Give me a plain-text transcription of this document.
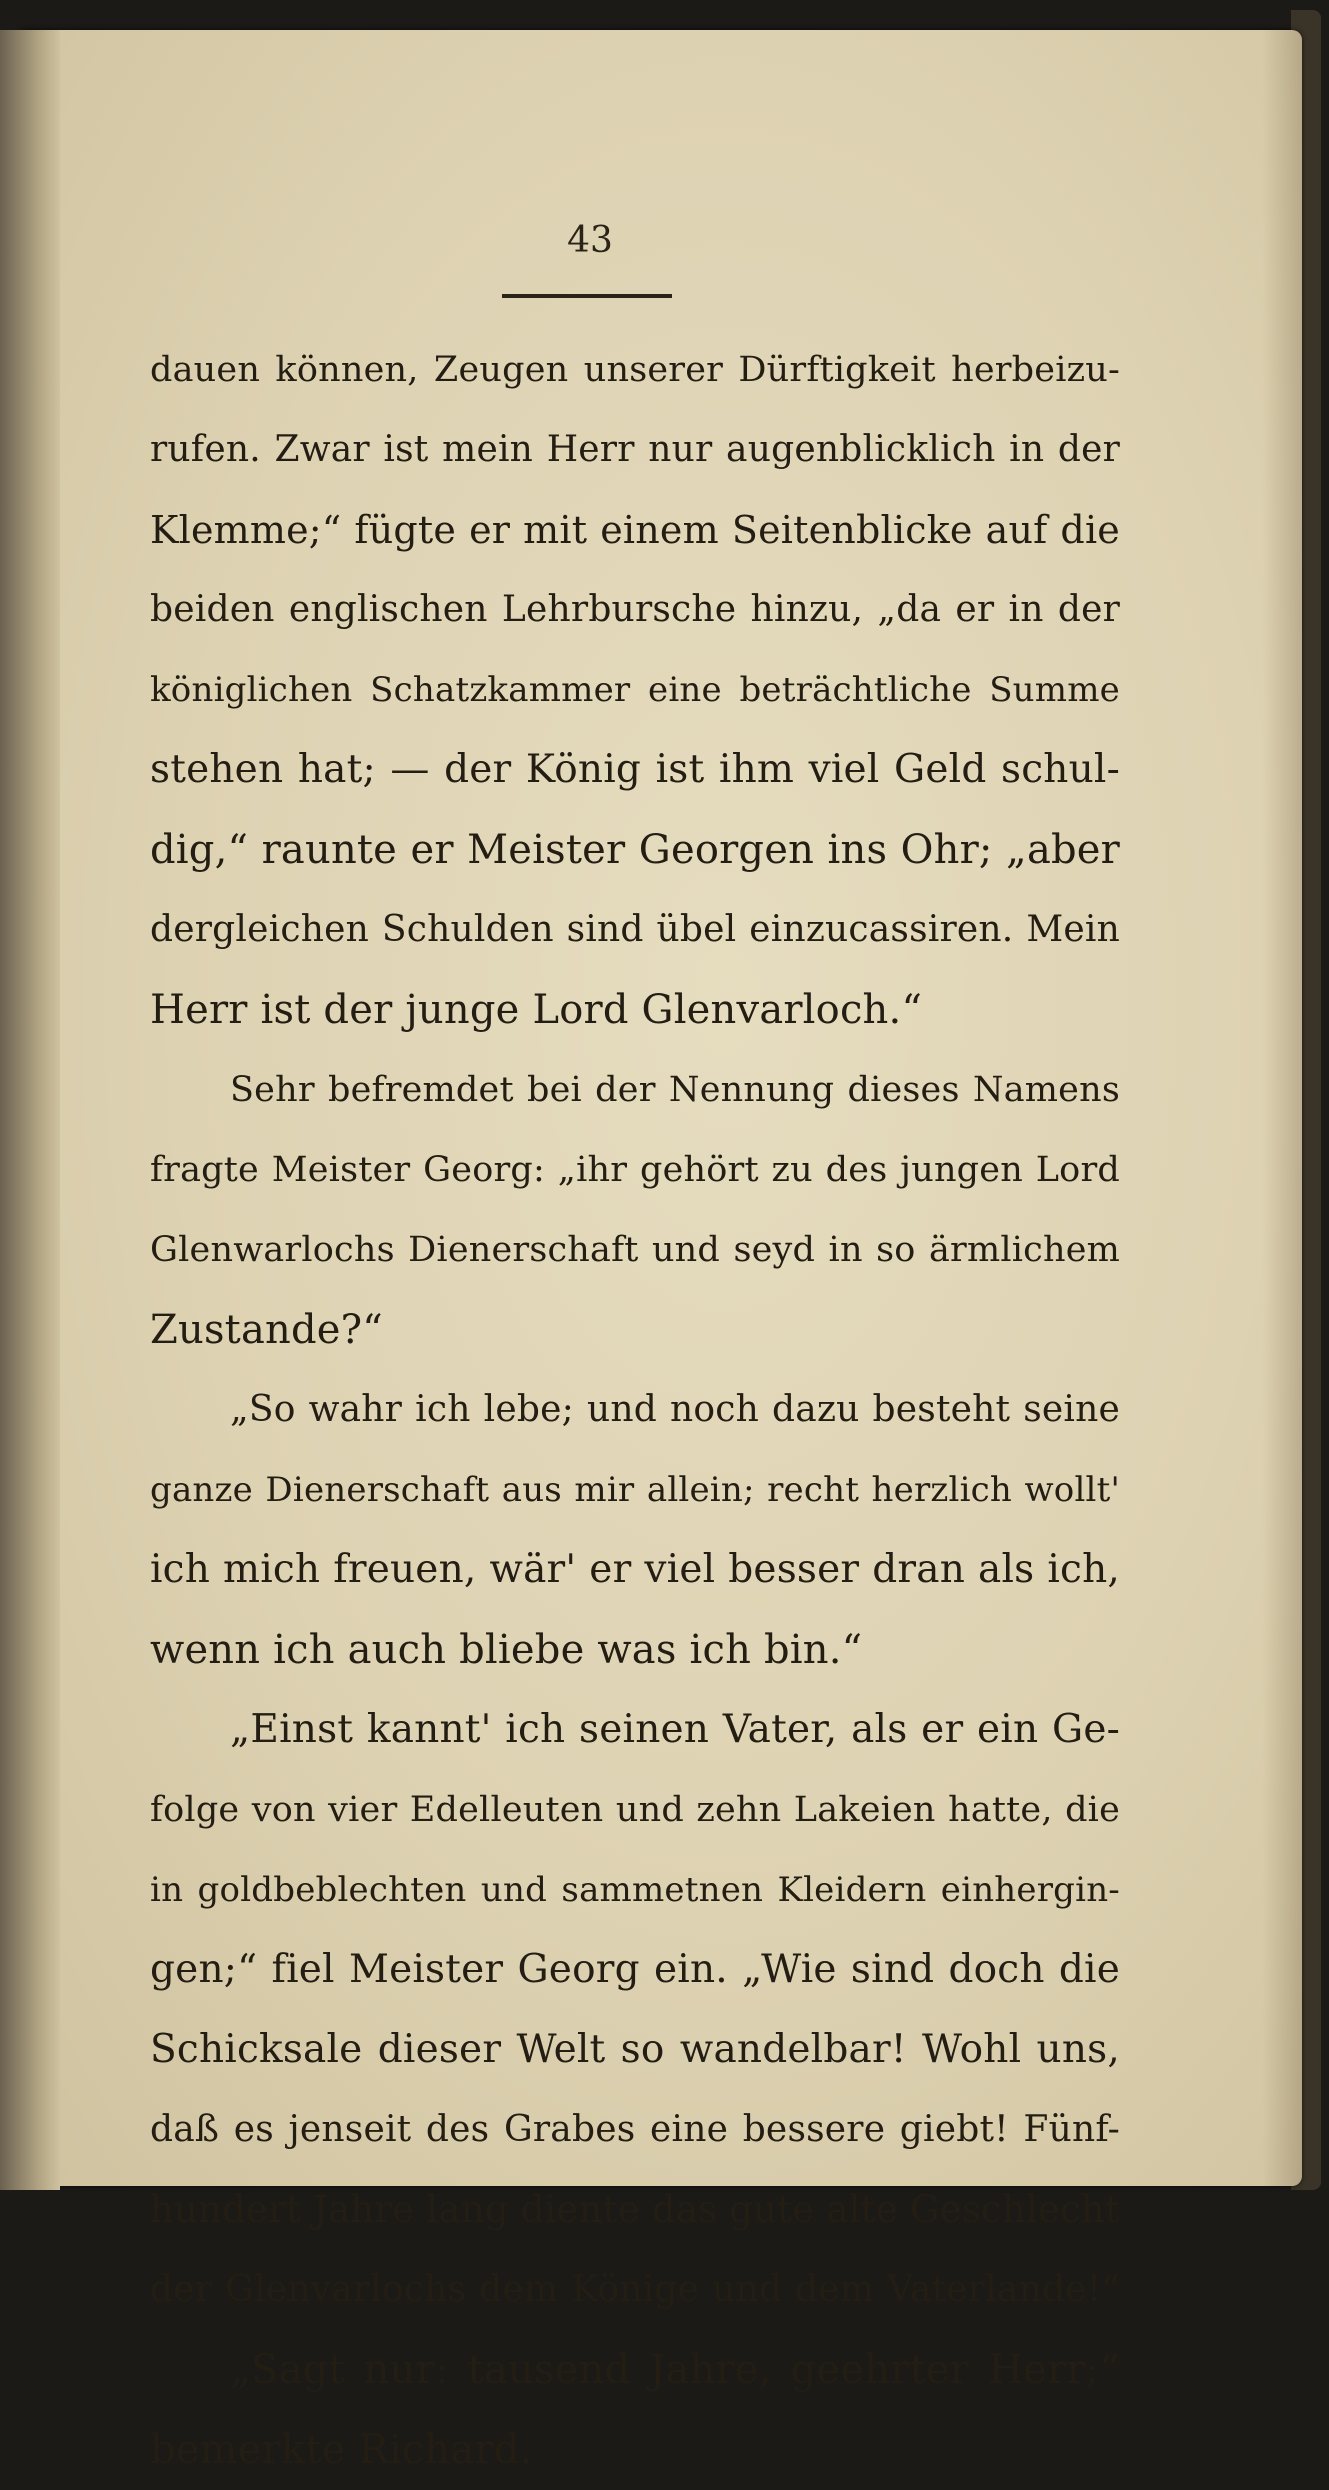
43
dauen können, Zeugen unserer Dürftigkeit herbeizu-
rufen. Zwar ist mein Herr nur augenblicklich in der
Klemme;“ fügte er mit einem Seitenblicke auf die
beiden englischen Lehrbursche hinzu, „da er in der
königlichen Schatzkammer eine beträchtliche Summe
stehen hat; — der König ist ihm viel Geld schul-
dig,“ raunte er Meister Georgen ins Ohr; „aber
dergleichen Schulden sind übel einzucassiren. Mein
Herr ist der junge Lord Glenvarloch.“
Sehr befremdet bei der Nennung dieses Namens
fragte Meister Georg: „ihr gehört zu des jungen Lord
Glenwarlochs Dienerschaft und seyd in so ärmlichem
Zustande?“
„So wahr ich lebe; und noch dazu besteht seine
ganze Dienerschaft aus mir allein; recht herzlich wollt'
ich mich freuen, wär' er viel besser dran als ich,
wenn ich auch bliebe was ich bin.“
„Einst kannt' ich seinen Vater, als er ein Ge-
folge von vier Edelleuten und zehn Lakeien hatte, die
in goldbeblechten und sammetnen Kleidern einhergin-
gen;“ fiel Meister Georg ein. „Wie sind doch die
Schicksale dieser Welt so wandelbar! Wohl uns,
daß es jenseit des Grabes eine bessere giebt! Fünf-
hundert Jahre lang diente das gute alte Geschlecht
der Glenvarlochs dem Könige und dem Vaterlande!“
„Sagt nur: tausend Jahre, geehrter Herr;“
bemerkte Richard.
